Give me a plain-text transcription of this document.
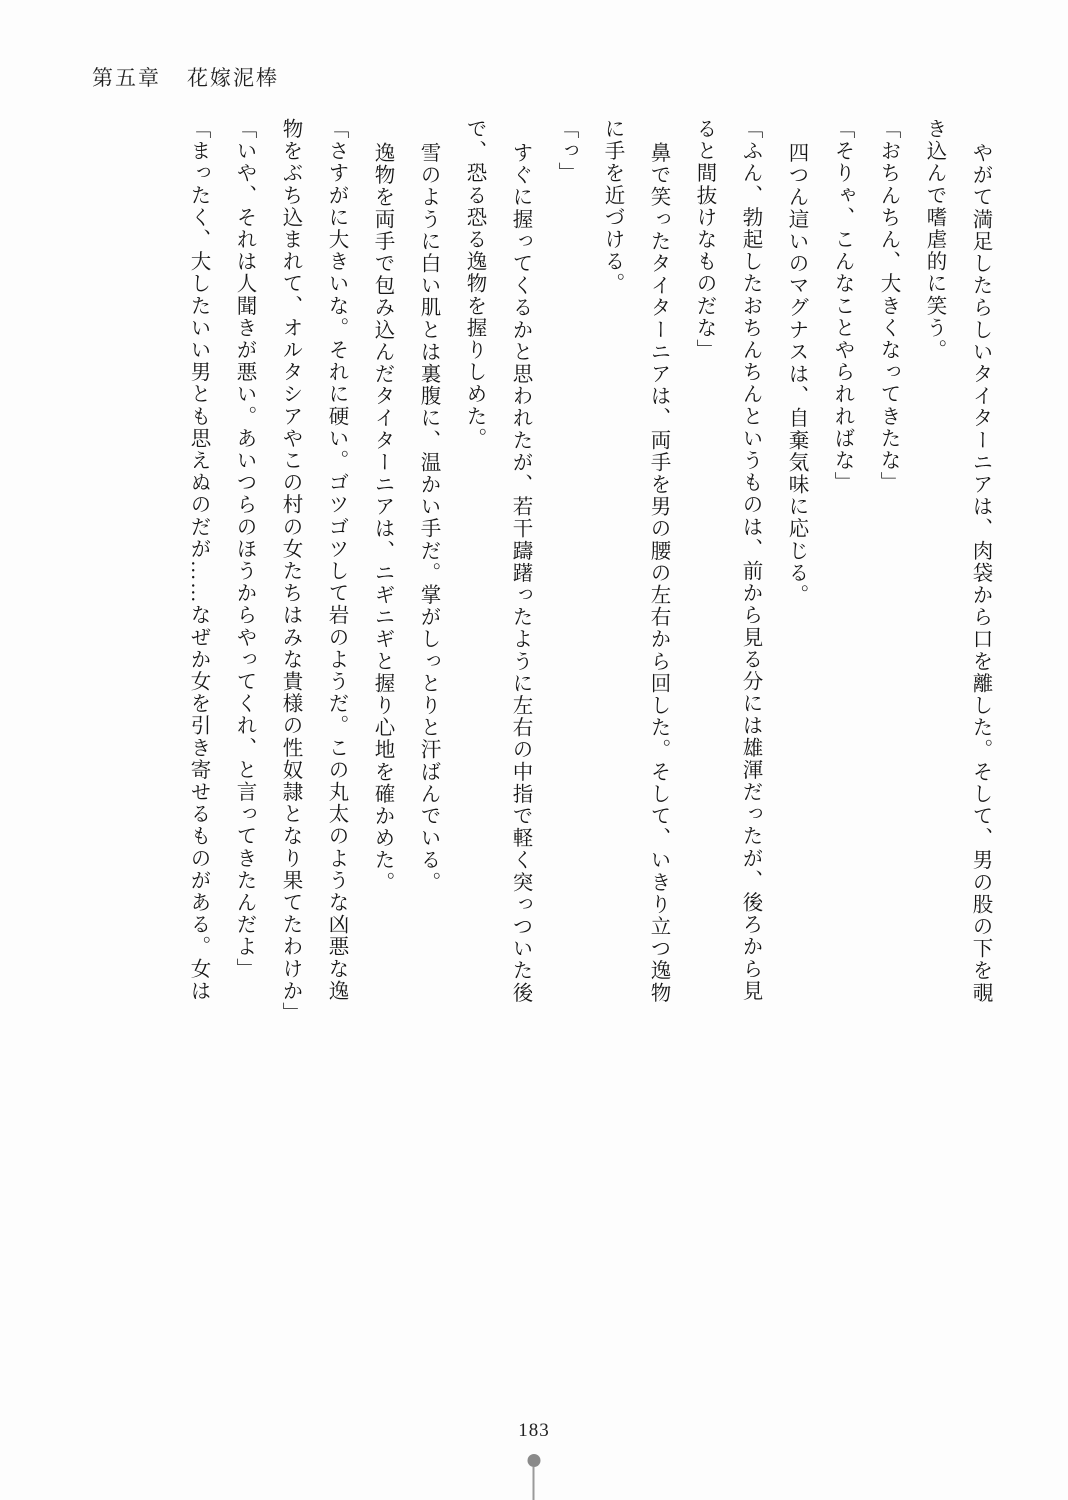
第五章 花嫁泥棒
やがて満足したらしいタイターニアは、肉袋から口を離した。そして、男の股の下を覗
き込んで嗜虐的に笑う。
「おちんちん、大きくなってきたな」
「そりゃ、こんなことやられればな」
四つん這いのマグナスは、自棄気味に応じる。
「ふん、勃起したおちんちんというものは、前から見る分には雄渾だったが、後ろから見
ると間抜けなものだな」
鼻で笑ったタイターニアは、両手を男の腰の左右から回した。そして、いきり立つ逸物
に手を近づける。
「っ」
すぐに握ってくるかと思われたが、若干躊躇ったように左右の中指で軽く突っついた後
で、恐る恐る逸物を握りしめた。
雪のように白い肌とは裏腹に、温かい手だ。掌がしっとりと汗ばんでいる。
逸物を両手で包み込んだタイターニアは、ニギニギと握り心地を確かめた。
「さすがに大きいな。それに硬い。ゴツゴツして岩のようだ。この丸太のような凶悪な逸
物をぶち込まれて、オルタシアやこの村の女たちはみな貴様の性奴隷となり果てたわけか」
「いや、それは人聞きが悪い。あいつらのほうからやってくれ、と言ってきたんだよ」
「まったく、大したいい男とも思えぬのだが……なぜか女を引き寄せるものがある。女は
183
